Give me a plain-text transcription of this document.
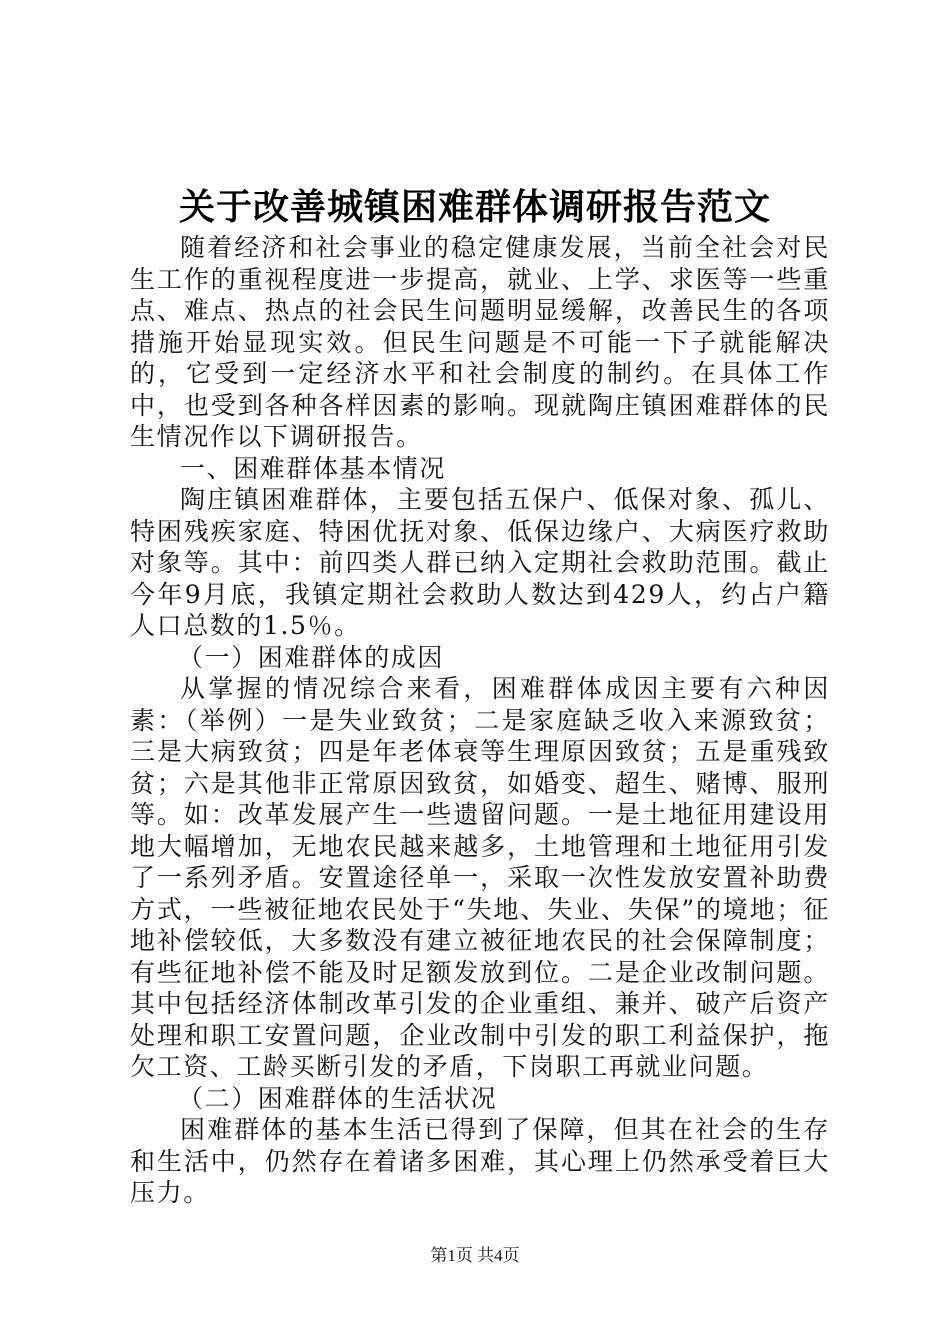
关于改善城镇困难群体调研报告范文

随着经济和社会事业的稳定健康发展，当前全社会对民生工作的重视程度进一步提高，就业、上学、求医等一些重点、难点、热点的社会民生问题明显缓解，改善民生的各项措施开始显现实效。但民生问题是不可能一下子就能解决的，它受到一定经济水平和社会制度的制约。在具体工作中，也受到各种各样因素的影响。现就陶庄镇困难群体的民生情况作以下调研报告。

一、困难群体基本情况

陶庄镇困难群体，主要包括五保户、低保对象、孤儿、特困残疾家庭、特困优抚对象、低保边缘户、大病医疗救助对象等。其中：前四类人群已纳入定期社会救助范围。截止今年9月底，我镇定期社会救助人数达到429人，约占户籍人口总数的1.5％。

（一）困难群体的成因

从掌握的情况综合来看，困难群体成因主要有六种因素：（举例）一是失业致贫；二是家庭缺乏收入来源致贫；三是大病致贫；四是年老体衰等生理原因致贫；五是重残致贫；六是其他非正常原因致贫，如婚变、超生、赌博、服刑等。如：改革发展产生一些遗留问题。一是土地征用建设用地大幅增加，无地农民越来越多，土地管理和土地征用引发了一系列矛盾。安置途径单一，采取一次性发放安置补助费方式，一些被征地农民处于“失地、失业、失保”的境地；征地补偿较低，大多数没有建立被征地农民的社会保障制度；有些征地补偿不能及时足额发放到位。二是企业改制问题。其中包括经济体制改革引发的企业重组、兼并、破产后资产处理和职工安置问题，企业改制中引发的职工利益保护，拖欠工资、工龄买断引发的矛盾，下岗职工再就业问题。

（二）困难群体的生活状况

困难群体的基本生活已得到了保障，但其在社会的生存和生活中，仍然存在着诸多困难，其心理上仍然承受着巨大压力。

第1页 共4页
